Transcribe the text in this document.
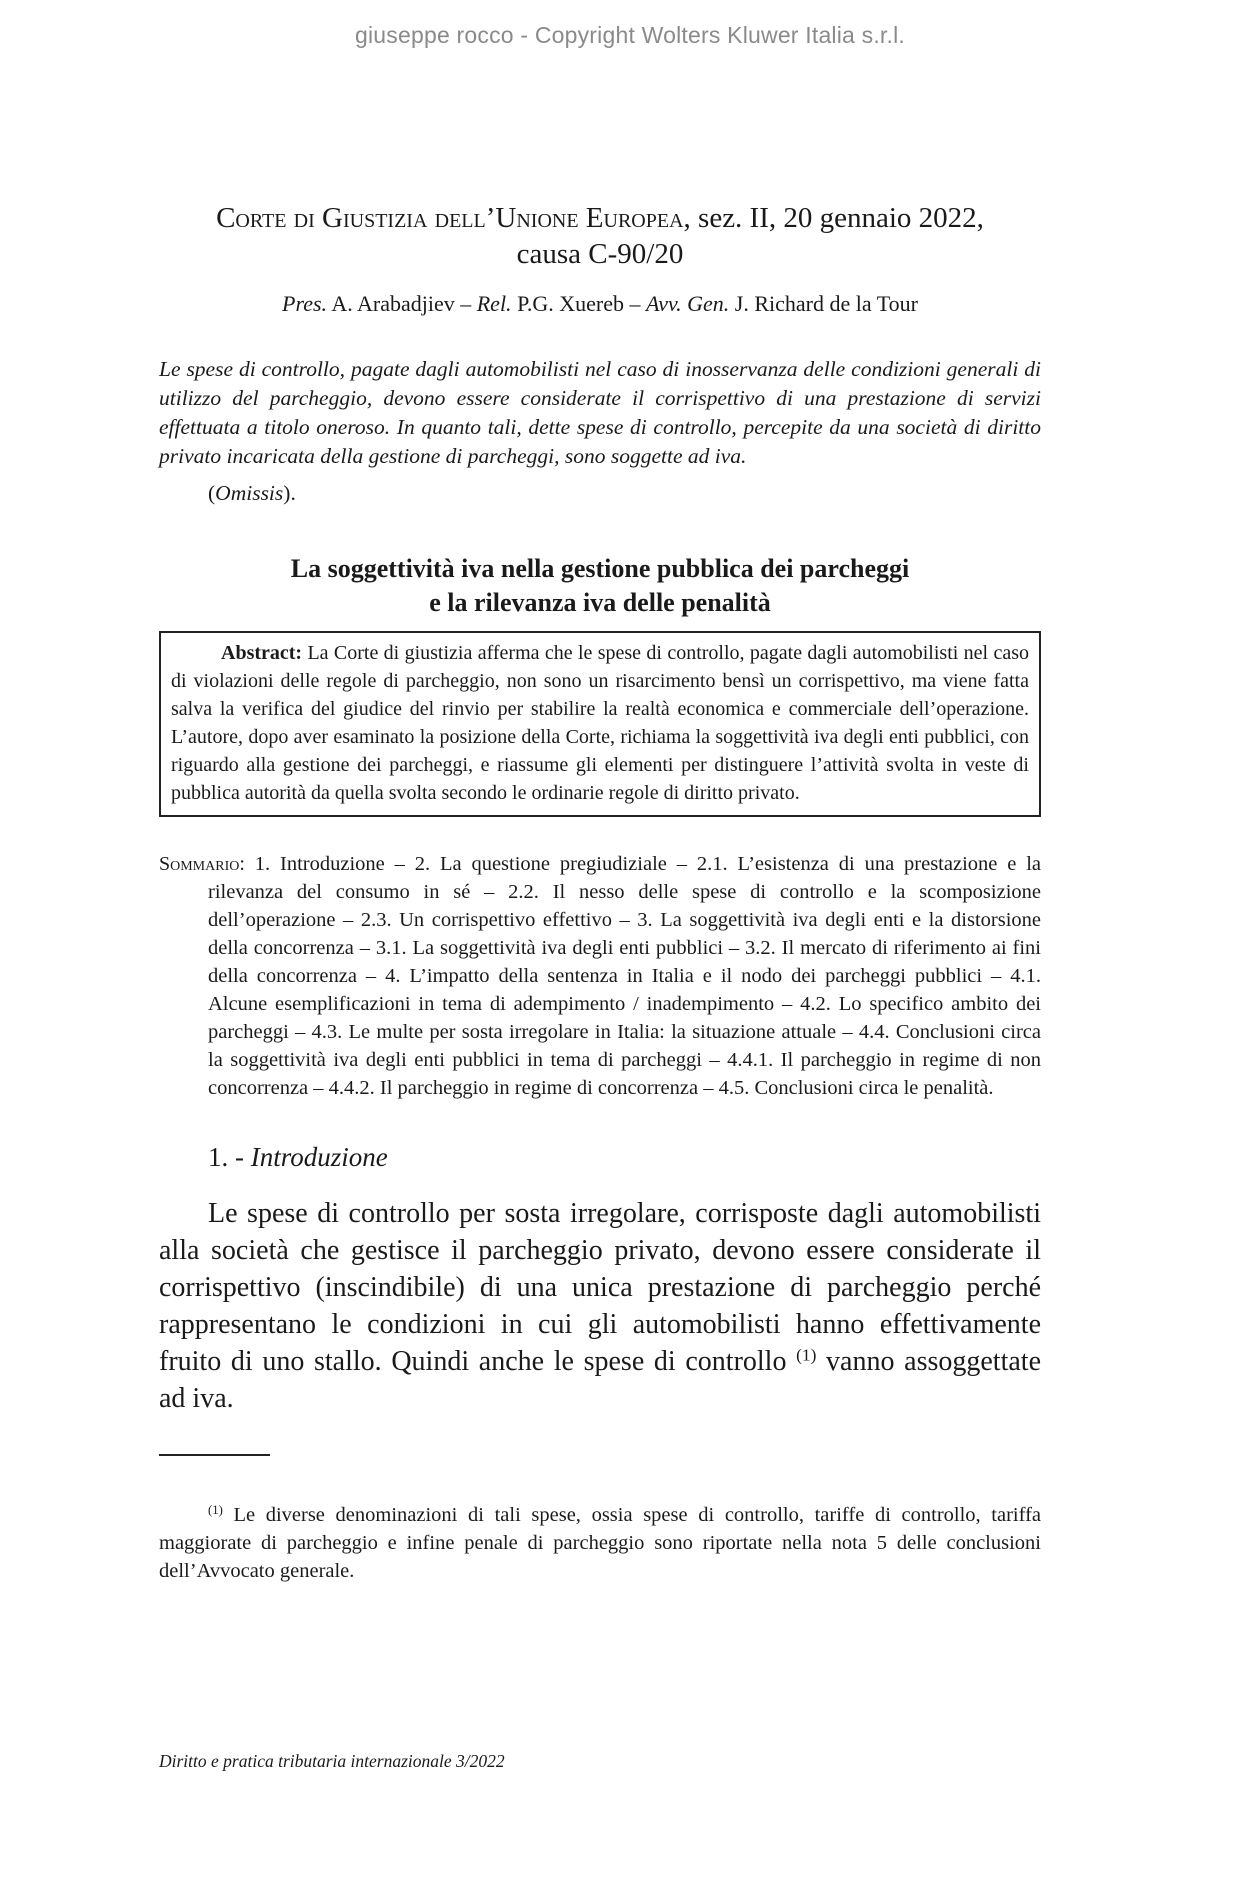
giuseppe rocco - Copyright Wolters Kluwer Italia s.r.l.

Corte di Giustizia dell’Unione Europea, sez. II, 20 gennaio 2022,
causa C-90/20

Pres. A. Arabadjiev – Rel. P.G. Xuereb – Avv. Gen. J. Richard de la Tour
Le spese di controllo, pagate dagli automobilisti nel caso di inosservanza delle condizioni generali di utilizzo del parcheggio, devono essere considerate il corrispettivo di una prestazione di servizi effettuata a titolo oneroso. In quanto tali, dette spese di controllo, percepite da una società di diritto privato incaricata della gestione di parcheggi, sono soggette ad iva.
(Omissis).
La soggettività iva nella gestione pubblica dei parcheggi
e la rilevanza iva delle penalità
Abstract: La Corte di giustizia afferma che le spese di controllo, pagate dagli automobilisti nel caso di violazioni delle regole di parcheggio, non sono un risarcimento bensì un corrispettivo, ma viene fatta salva la verifica del giudice del rinvio per stabilire la realtà economica e commerciale dell’operazione. L’autore, dopo aver esaminato la posizione della Corte, richiama la soggettività iva degli enti pubblici, con riguardo alla gestione dei parcheggi, e riassume gli elementi per distinguere l’attività svolta in veste di pubblica autorità da quella svolta secondo le ordinarie regole di diritto privato.
Sommario: 1. Introduzione – 2. La questione pregiudiziale – 2.1. L’esistenza di una prestazione e la rilevanza del consumo in sé – 2.2. Il nesso delle spese di controllo e la scomposizione dell’operazione – 2.3. Un corrispettivo effettivo – 3. La soggettività iva degli enti e la distorsione della concorrenza – 3.1. La soggettività iva degli enti pubblici – 3.2. Il mercato di riferimento ai fini della concorrenza – 4. L’impatto della sentenza in Italia e il nodo dei parcheggi pubblici – 4.1. Alcune esemplificazioni in tema di adempimento / inadempimento – 4.2. Lo specifico ambito dei parcheggi – 4.3. Le multe per sosta irregolare in Italia: la situazione attuale – 4.4. Conclusioni circa la soggettività iva degli enti pubblici in tema di parcheggi – 4.4.1. Il parcheggio in regime di non concorrenza – 4.4.2. Il parcheggio in regime di concorrenza – 4.5. Conclusioni circa le penalità.
1. - Introduzione
Le spese di controllo per sosta irregolare, corrisposte dagli automobilisti alla società che gestisce il parcheggio privato, devono essere considerate il corrispettivo (inscindibile) di una unica prestazione di parcheggio perché rappresentano le condizioni in cui gli automobilisti hanno effettivamente fruito di uno stallo. Quindi anche le spese di controllo $^{(1)}$ vanno assoggettate ad iva.
$^{(1)}$ Le diverse denominazioni di tali spese, ossia spese di controllo, tariffe di controllo, tariffa maggiorate di parcheggio e infine penale di parcheggio sono riportate nella nota 5 delle conclusioni dell’Avvocato generale.
Diritto e pratica tributaria internazionale 3/2022
